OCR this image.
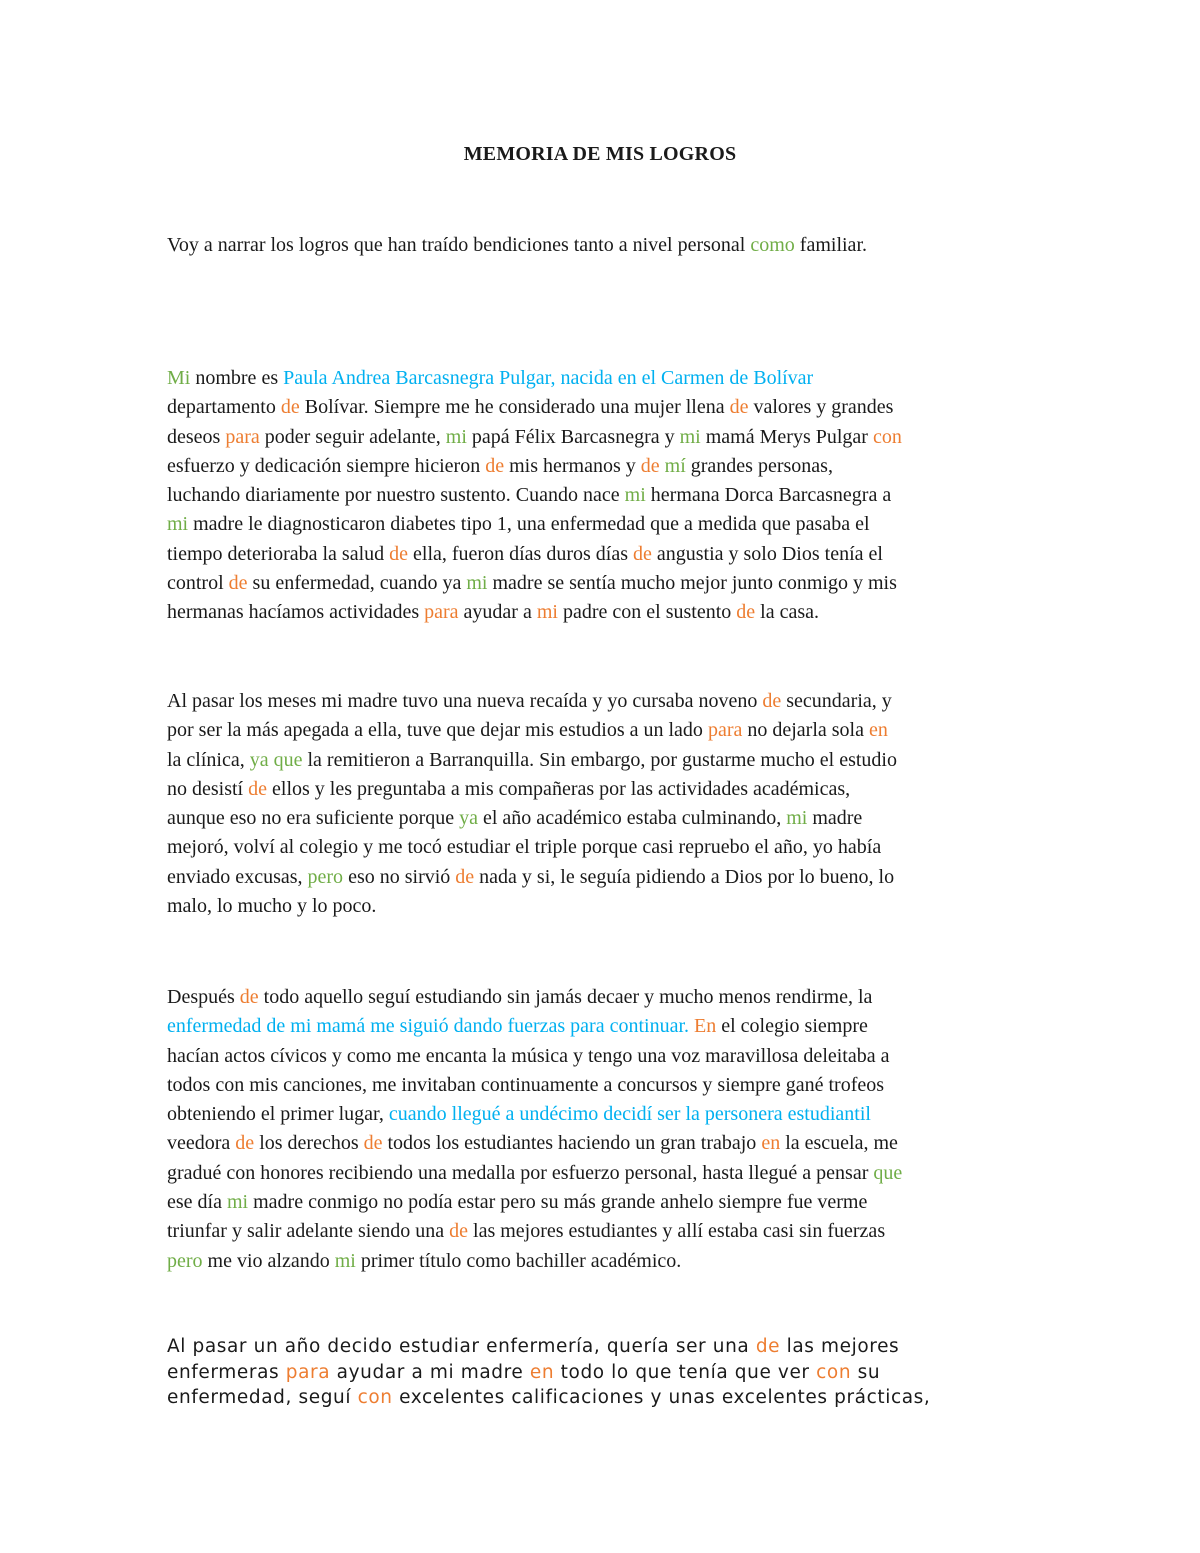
MEMORIA DE MIS LOGROS
Voy a narrar los logros que han traído bendiciones tanto a nivel personal como familiar.
Mi nombre es Paula Andrea Barcasnegra Pulgar, nacida en el Carmen de Bolívar
departamento de Bolívar. Siempre me he considerado una mujer llena de valores y grandes
deseos para poder seguir adelante, mi papá Félix Barcasnegra y mi mamá Merys Pulgar con
esfuerzo y dedicación siempre hicieron de mis hermanos y de mí grandes personas,
luchando diariamente por nuestro sustento. Cuando nace mi hermana Dorca Barcasnegra a
mi madre le diagnosticaron diabetes tipo 1, una enfermedad que a medida que pasaba el
tiempo deterioraba la salud de ella, fueron días duros días de angustia y solo Dios tenía el
control de su enfermedad, cuando ya mi madre se sentía mucho mejor junto conmigo y mis
hermanas hacíamos actividades para ayudar a mi padre con el sustento de la casa.
Al pasar los meses mi madre tuvo una nueva recaída y yo cursaba noveno de secundaria, y
por ser la más apegada a ella, tuve que dejar mis estudios a un lado para no dejarla sola en
la clínica, ya que la remitieron a Barranquilla. Sin embargo, por gustarme mucho el estudio
no desistí de ellos y les preguntaba a mis compañeras por las actividades académicas,
aunque eso no era suficiente porque ya el año académico estaba culminando, mi madre
mejoró, volví al colegio y me tocó estudiar el triple porque casi repruebo el año, yo había
enviado excusas, pero eso no sirvió de nada y si, le seguía pidiendo a Dios por lo bueno, lo
malo, lo mucho y lo poco.
Después de todo aquello seguí estudiando sin jamás decaer y mucho menos rendirme, la
enfermedad de mi mamá me siguió dando fuerzas para continuar. En el colegio siempre
hacían actos cívicos y como me encanta la música y tengo una voz maravillosa deleitaba a
todos con mis canciones, me invitaban continuamente a concursos y siempre gané trofeos
obteniendo el primer lugar, cuando llegué a undécimo decidí ser la personera estudiantil
veedora de los derechos de todos los estudiantes haciendo un gran trabajo en la escuela, me
gradué con honores recibiendo una medalla por esfuerzo personal, hasta llegué a pensar que
ese día mi madre conmigo no podía estar pero su más grande anhelo siempre fue verme
triunfar y salir adelante siendo una de las mejores estudiantes y allí estaba casi sin fuerzas
pero me vio alzando mi primer título como bachiller académico.
Al pasar un año decido estudiar enfermería, quería ser una de las mejores
enfermeras para ayudar a mi madre en todo lo que tenía que ver con su
enfermedad, seguí con excelentes calificaciones y unas excelentes prácticas,
